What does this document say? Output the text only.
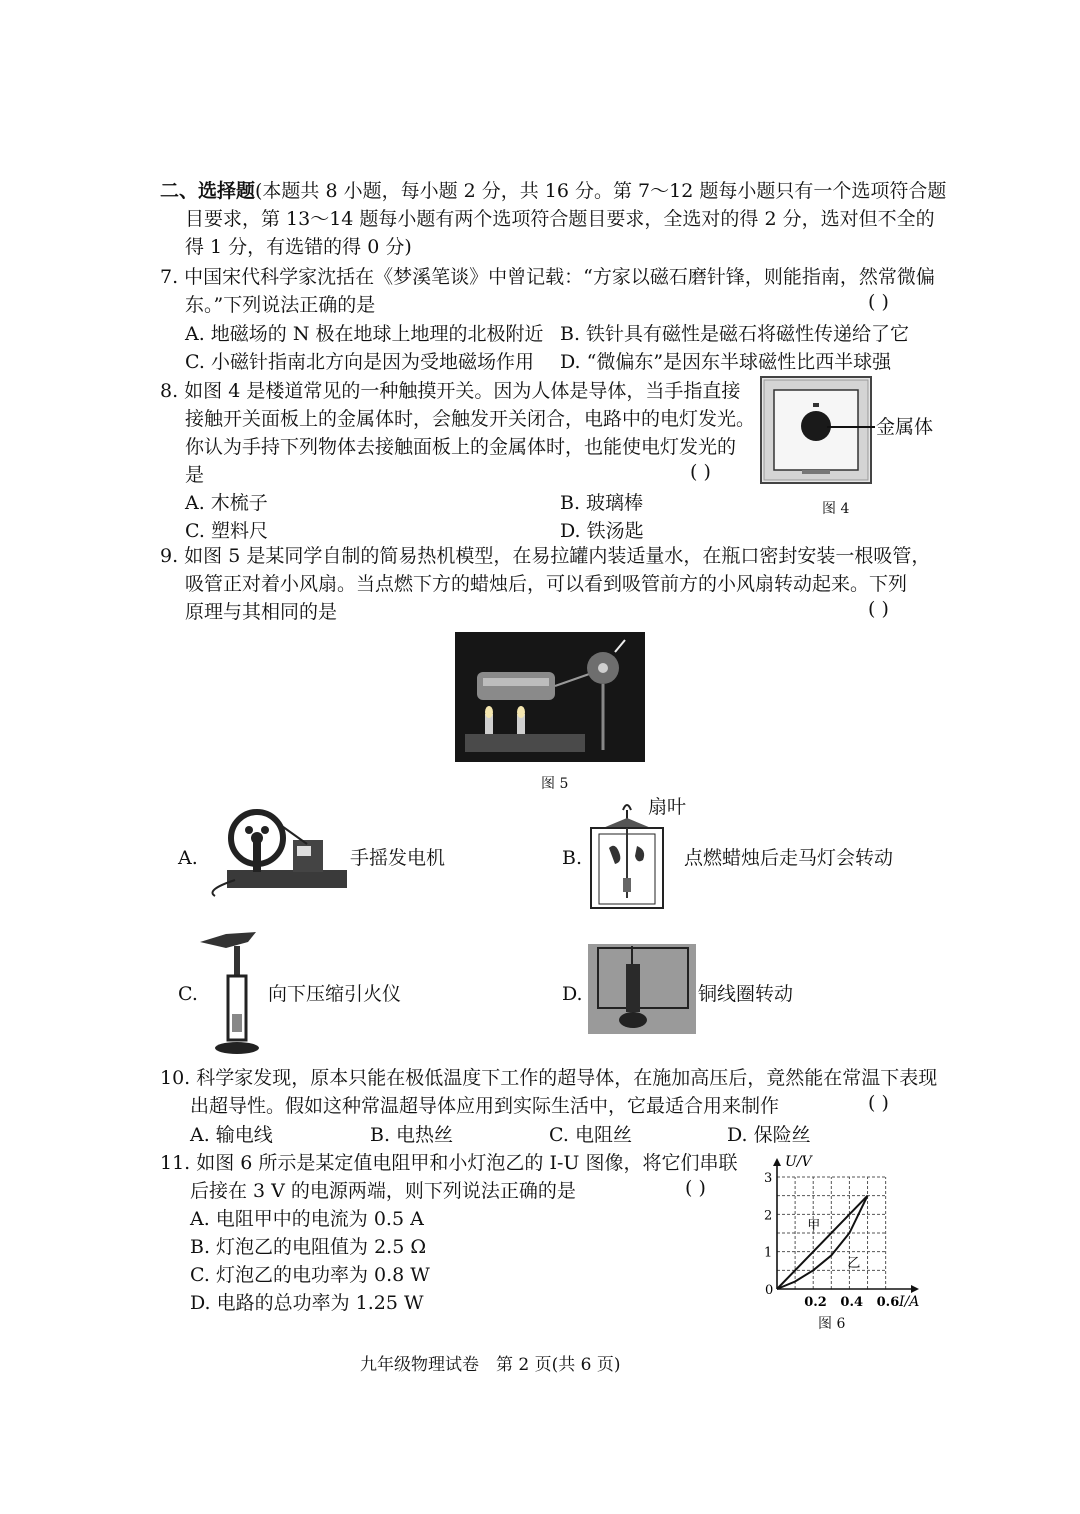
二、选择题(本题共 8 小题，每小题 2 分，共 16 分。第 7～12 题每小题只有一个选项符合题
目要求，第 13～14 题每小题有两个选项符合题目要求，全选对的得 2 分，选对但不全的
得 1 分，有选错的得 0 分)
7. 中国宋代科学家沈括在《梦溪笔谈》中曾记载：“方家以磁石磨针锋，则能指南，然常微偏
东。”下列说法正确的是	( )
A. 地磁场的 N 极在地球上地理的北极附近 B. 铁针具有磁性是磁石将磁性传递给了它
C. 小磁针指南北方向是因为受地磁场作用 D. “微偏东”是因东半球磁性比西半球强
8. 如图 4 是楼道常见的一种触摸开关。因为人体是导体，当手指直接
接触开关面板上的金属体时，会触发开关闭合，电路中的电灯发光。
你认为手持下列物体去接触面板上的金属体时，也能使电灯发光的
是	( )
A. 木梳子	B. 玻璃棒
C. 塑料尺	D. 铁汤匙
金属体
图 4
9. 如图 5 是某同学自制的简易热机模型，在易拉罐内装适量水，在瓶口密封安装一根吸管，
吸管正对着小风扇。当点燃下方的蜡烛后，可以看到吸管前方的小风扇转动起来。下列
原理与其相同的是	( )
图 5
A.	手摇发电机	B.
扇叶
点燃蜡烛后走马灯会转动
C.	向下压缩引火仪	D.	铜线圈转动
10. 科学家发现，原本只能在极低温度下工作的超导体，在施加高压后，竟然能在常温下表现
出超导性。假如这种常温超导体应用到实际生活中，它最适合用来制作	( )
A. 输电线	B. 电热丝	C. 电阻丝	D. 保险丝
11. 如图 6 所示是某定值电阻甲和小灯泡乙的 I-U 图像，将它们串联
后接在 3 V 的电源两端，则下列说法正确的是	( )
A. 电阻甲中的电流为 0.5 A
B. 灯泡乙的电阻值为 2.5 Ω
C. 灯泡乙的电功率为 0.8 W
D. 电路的总功率为 1.25 W
U/V
I/A
0
0.2 0.4 0.6
1
2
3
甲
乙
图 6
九年级物理试卷　第 2 页(共 6 页)
